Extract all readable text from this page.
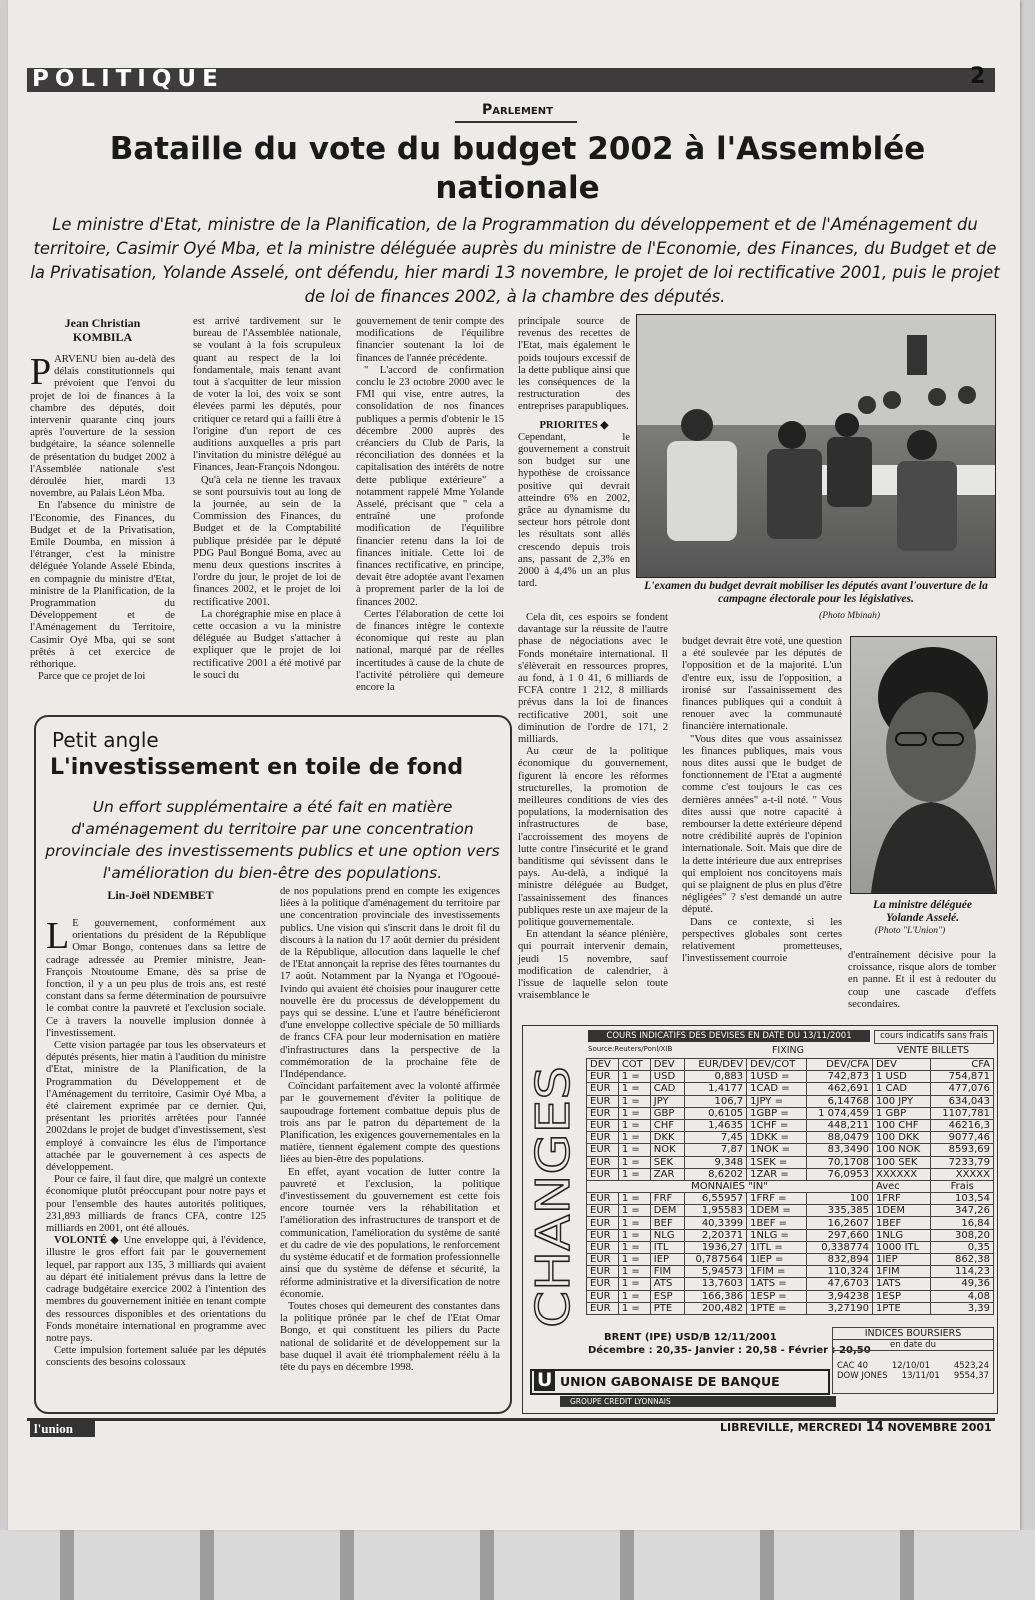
POLITIQUE	2
Parlement
Bataille du vote du budget 2002 à l'Assemblée nationale
Le ministre d'Etat, ministre de la Planification, de la Programmation du développement et de l'Aménagement du territoire, Casimir Oyé Mba, et la ministre déléguée auprès du ministre de l'Economie, des Finances, du Budget et de la Privatisation, Yolande Asselé, ont défendu, hier mardi 13 novembre, le projet de loi rectificative 2001, puis le projet de loi de finances 2002, à la chambre des députés.
Jean Christian
KOMBILA

PARVENU bien au-delà des délais constitutionnels qui prévoient que l'envoi du projet de loi de finances à la chambre des députés, doit intervenir quarante cinq jours après l'ouverture de la session budgétaire, la séance solennelle de présentation du budget 2002 à l'Assemblée nationale s'est déroulée hier, mardi 13 novembre, au Palais Léon Mba.

En l'absence du ministre de l'Economie, des Finances, du Budget et de la Privatisation, Emile Doumba, en mission à l'étranger, c'est la ministre déléguée Yolande Asselé Ebinda, en compagnie du ministre d'Etat, ministre de la Planification, de la Programmation du Développement et de l'Aménagement du Territoire, Casimir Oyé Mba, qui se sont prêtés à cet exercice de réthorique.

Parce que ce projet de loi

est arrivé tardivement sur le bureau de l'Assemblée nationale, se voulant à la fois scrupuleux quant au respect de la loi fondamentale, mais tenant avant tout à s'acquitter de leur mission de voter la loi, des voix se sont élevées parmi les députés, pour critiquer ce retard qui a failli être à l'origine d'un report de ces auditions auxquelles a pris part l'invitation du ministre délégué au Finances, Jean-François Ndongou.

Qu'à cela ne tienne les travaux se sont poursuivis tout au long de la journée, au sein de la Commission des Finances, du Budget et de la Comptabilité publique présidée par le député PDG Paul Bongué Boma, avec au menu deux questions inscrites à l'ordre du jour, le projet de loi de finances 2002, et le projet de loi rectificative 2001.

La chorégraphie mise en place à cette occasion a vu la ministre déléguée au Budget s'attacher à expliquer que le projet de loi rectificative 2001 a été motivé par le souci du

gouvernement de tenir compte des modifications de l'équilibre financier soutenant la loi de finances de l'année précédente.

" L'accord de confirmation conclu le 23 octobre 2000 avec le FMI qui vise, entre autres, la consolidation de nos finances publiques a permis d'obtenir le 15 décembre 2000 auprès des créanciers du Club de Paris, la réconciliation des données et la capitalisation des intérêts de notre dette publique extérieure" a notamment rappelé Mme Yolande Asselé, précisant que " cela a entraîné une profonde modification de l'équilibre financier retenu dans la loi de finances initiale. Cette loi de finances rectificative, en principe, devait être adoptée avant l'examen à proprement parler de la loi de finances 2002.

Certes l'élaboration de cette loi de finances intègre le contexte économique qui reste au plan national, marqué par de réelles incertitudes à cause de la chute de l'activité pétrolière qui demeure encore la

principale source de revenus des recettes de l'Etat, mais également le poids toujours excessif de la dette publique ainsi que les conséquences de la restructuration des entreprises parapubliques.

PRIORITES ◆

Cependant, le gouvernement a construit son budget sur une hypothèse de croissance positive qui devrait atteindre 6% en 2002, grâce au dynamisme du secteur hors pétrole dont les résultats sont allés crescendo depuis trois ans, passant de 2,3% en 2000 à 4,4% un an plus tard.

Cela dit, ces espoirs se fondent davantage sur la réussite de l'autre phase de négociations avec le Fonds monétaire international. Il s'élèverait en ressources propres, au fond, à 1 0 41, 6 milliards de FCFA contre 1 212, 8 milliards prévus dans la loi de finances rectificative 2001, soit une diminution de l'ordre de 171, 2 milliards.

Au cœur de la politique économique du gouvernement, figurent là encore les réformes structurelles, la promotion de meilleures conditions de vies des populations, la modernisation des infrastructures de base, l'accroissement des moyens de lutte contre l'insécurité et le grand banditisme qui sévissent dans le pays. Au-delà, a indiqué la ministre déléguée au Budget, l'assainissement des finances publiques reste un axe majeur de la politique gouvernementale.

En attendant la séance plénière, qui pourrait intervenir demain, jeudi 15 novembre, sauf modification de calendrier, à l'issue de laquelle selon toute vraisemblance le

budget devrait être voté, une question a été soulevée par les députés de l'opposition et de la majorité. L'un d'entre eux, issu de l'opposition, a ironisé sur l'assainissement des finances publiques qui a conduit à renouer avec la communauté financière internationale.

"Vous dites que vous assainissez les finances publiques, mais vous nous dites aussi que le budget de fonctionnement de l'Etat a augmenté comme c'est toujours le cas ces dernières années" a-t-il noté. " Vous dites aussi que notre capacité à rembourser la dette extérieure dépend notre crédibilité auprès de l'opinion internationale. Soit. Mais que dire de la dette intérieure due aux entreprises qui emploient nos concitoyens mais qui se plaignent de plus en plus d'être négligées" ? s'est demandé un autre député.

Dans ce contexte, si les perspectives globales sont certes relativement prometteuses, l'investissement courroie	d'entraînement décisive pour la croissance, risque alors de tomber en panne. Et il est à redouter du coup une cascade d'effets secondaires.

L'examen du budget devrait mobiliser les députés avant l'ouverture de la campagne électorale pour les législatives.
(Photo Mbinah)
La ministre déléguée
Yolande Asselé.
(Photo "L'Union")
Petit angle
L'investissement en toile de fond
Un effort supplémentaire a été fait en matière d'aménagement du territoire par une concentration provinciale des investissements publics et une option vers l'amélioration du bien-être des populations.
Lin-Joël NDEMBET

L E gouvernement, conformément aux orientations du président de la République Omar Bongo, contenues dans sa lettre de cadrage adressée au Premier ministre, Jean-François Ntoutoume Emane, dès sa prise de fonction, il y a un peu plus de trois ans, est resté constant dans sa ferme détermination de poursuivre le combat contre la pauvreté et l'exclusion sociale. Ce à travers la nouvelle implusion donnée à l'investissement.

Cette vision partagée par tous les observateurs et députés présents, hier matin à l'audition du ministre d'Etat, ministre de la Planification, de la Programmation du Développement et de l'Aménagement du territoire, Casimir Oyé Mba, a été clairement exprimée par ce dernier. Qui, présentant les priorités arrêtées pour l'année 2002dans le projet de budget d'investissement, s'est employé à convaincre les élus de l'importance attachée par le gouvernement à ces aspects de développement.

Pour ce faire, il faut dire, que malgré un contexte économique plutôt préoccupant pour notre pays et pour l'ensemble des hautes autorités politiques, 231,893 milliards de francs CFA, contre 125 milliards en 2001, ont été alloués.

VOLONTÉ ◆ Une enveloppe qui, à l'évidence, illustre le gros effort fait par le gouvernement lequel, par rapport aux 135, 3 milliards qui avaient au départ été initialement prévus dans la lettre de cadrage budgétaire exercice 2002 à l'intention des membres du gouvernement initiée en tenant compte des ressources disponibles et des orientations du Fonds monétaire international en programme avec notre pays.

Cette impulsion fortement saluée par les députés conscients des besoins colossaux

de nos populations prend en compte les exigences liées à la politique d'aménagement du territoire par une concentration provinciale des investissements publics. Une vision qui s'inscrit dans le droit fil du discours à la nation du 17 août dernier du président de la République, allocution dans laquelle le chef de l'Etat annonçait la reprise des fêtes tournantes du 17 août. Notamment par la Nyanga et l'Ogooué-Ivindo qui avaient été choisies pour inaugurer cette nouvelle ère du processus de développement du pays qui se dessine. L'une et l'autre bénéficieront d'une enveloppe collective spéciale de 50 milliards de francs CFA pour leur modernisation en matière d'infrastructures dans la perspective de la commémoration de la prochaine fête de l'Indépendance.

Coïncidant parfaitement avec la volonté affirmée par le gouvernement d'éviter la politique de saupoudrage fortement combattue depuis plus de trois ans par le patron du département de la Planification, les exigences gouvernementales en la matière, tiennent également compte des questions liées au bien-être des populations.

En effet, ayant vocation de lutter contre la pauvreté et l'exclusion, la politique d'investissement du gouvernement est cette fois encore tournée vers la réhabilitation et l'amélioration des infrastructures de transport et de communication, l'amélioration du système de santé et du cadre de vie des populations, le renforcement du système éducatif et de formation professionnelle ainsi que du système de défense et sécurité, la réforme administrative et la diversification de notre économie.

Toutes choses qui demeurent des constantes dans la politique prônée par le chef de l'Etat Omar Bongo, et qui constituent les piliers du Pacte national de solidarité et de développement sur la base duquel il avait été triomphalement réélu à la tête du pays en décembre 1998.

CHANGES
COURS INDICATIFS DES DEVISES EN DATE DU 13/11/2001	cours indicatifs sans frais
Source:Reuters/Ponl/XIB	FIXING	VENTE BILLETS
DEV	COT	DEV	EUR/DEV	DEV/COT	DEV/CFA	DEV	CFA
EUR	1 =	USD	0,883	1USD =	742,873	1 USD	754,871
EUR	1 =	CAD	1,4177	1CAD =	462,691	1 CAD	477,076
EUR	1 =	JPY	106,7	1JPY =	6,14768	100 JPY	634,043
EUR	1 =	GBP	0,6105	1GBP =	1 074,459	1 GBP	1107,781
EUR	1 =	CHF	1,4635	1CHF =	448,211	100 CHF	46216,3
EUR	1 =	DKK	7,45	1DKK =	88,0479	100 DKK	9077,46
EUR	1 =	NOK	7,87	1NOK =	83,3490	100 NOK	8593,69
EUR	1 =	SEK	9,348	1SEK =	70,1708	100 SEK	7233,79
EUR	1 =	ZAR	8,6202	1ZAR =	76,0953	XXXXXX	XXXXX
MONNAIES "IN"						Avec	Frais
EUR	1 =	FRF	6,55957	1FRF =	100	1FRF	103,54
EUR	1 =	DEM	1,95583	1DEM =	335,385	1DEM	347,26
EUR	1 =	BEF	40,3399	1BEF =	16,2607	1BEF	16,84
EUR	1 =	NLG	2,20371	1NLG =	297,660	1NLG	308,20
EUR	1 =	ITL	1936,27	1ITL =	0,338774	1000 ITL	0,35
EUR	1 =	IEP	0,787564	1IEP =	832,894	1IEP	862,38
EUR	1 =	FIM	5,94573	1FIM =	110,324	1FIM	114,23
EUR	1 =	ATS	13,7603	1ATS =	47,6703	1ATS	49,36
EUR	1 =	ESP	166,386	1ESP =	3,94238	1ESP	4,08
EUR	1 =	PTE	200,482	1PTE =	3,27190	1PTE	3,39
BRENT (IPE) USD/B 12/11/2001
Décembre : 20,35- Janvier : 20,58 - Février : 20,50
U UNION GABONAISE DE BANQUE
GROUPE CREDIT LYONNAIS
INDICES BOURSIERS
en date du
CAC 40	12/10/01	4523,24
DOW JONES 13/11/01 9554,37
l'union	LIBREVILLE, MERCREDI 14 NOVEMBRE 2001
